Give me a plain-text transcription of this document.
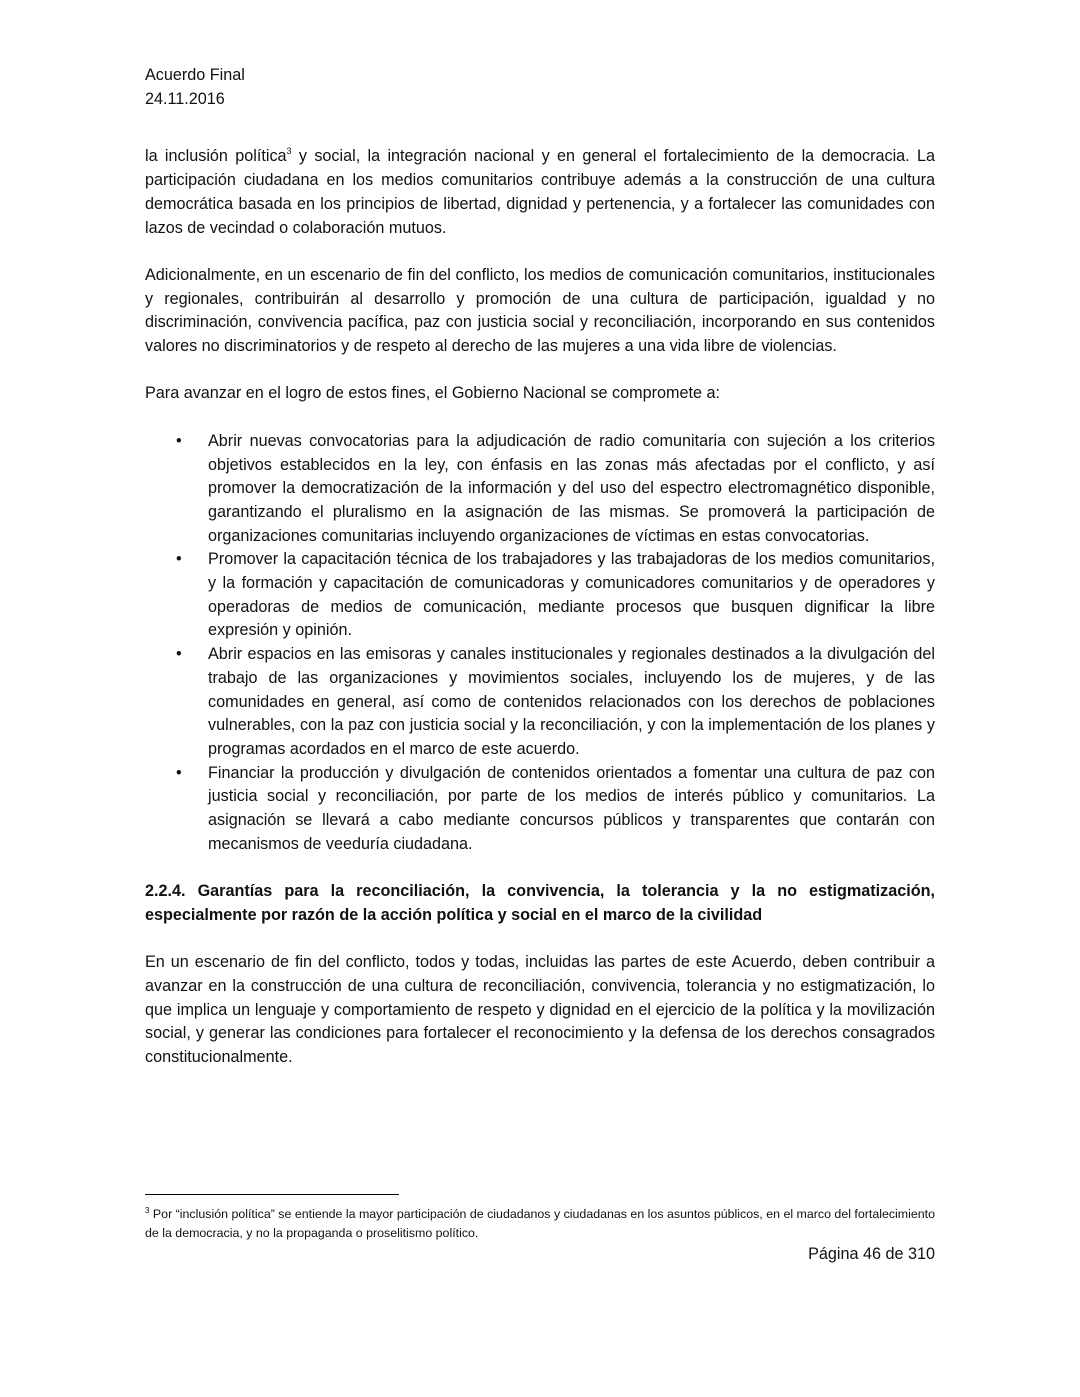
Acuerdo Final
24.11.2016

la inclusión política$^3$ y social, la integración nacional y en general el fortalecimiento de la democracia. La participación ciudadana en los medios comunitarios contribuye además a la construcción de una cultura democrática basada en los principios de libertad, dignidad y pertenencia, y a fortalecer las comunidades con lazos de vecindad o colaboración mutuos.

Adicionalmente, en un escenario de fin del conflicto, los medios de comunicación comunitarios, institucionales y regionales, contribuirán al desarrollo y promoción de una cultura de participación, igualdad y no discriminación, convivencia pacífica, paz con justicia social y reconciliación, incorporando en sus contenidos valores no discriminatorios y de respeto al derecho de las mujeres a una vida libre de violencias.

Para avanzar en el logro de estos fines, el Gobierno Nacional se compromete a:

• Abrir nuevas convocatorias para la adjudicación de radio comunitaria con sujeción a los criterios objetivos establecidos en la ley, con énfasis en las zonas más afectadas por el conflicto, y así promover la democratización de la información y del uso del espectro electromagnético disponible, garantizando el pluralismo en la asignación de las mismas. Se promoverá la participación de organizaciones comunitarias incluyendo organizaciones de víctimas en estas convocatorias.
• Promover la capacitación técnica de los trabajadores y las trabajadoras de los medios comunitarios, y la formación y capacitación de comunicadoras y comunicadores comunitarios y de operadores y operadoras de medios de comunicación, mediante procesos que busquen dignificar la libre expresión y opinión.
• Abrir espacios en las emisoras y canales institucionales y regionales destinados a la divulgación del trabajo de las organizaciones y movimientos sociales, incluyendo los de mujeres, y de las comunidades en general, así como de contenidos relacionados con los derechos de poblaciones vulnerables, con la paz con justicia social y la reconciliación, y con la implementación de los planes y programas acordados en el marco de este acuerdo.
• Financiar la producción y divulgación de contenidos orientados a fomentar una cultura de paz con justicia social y reconciliación, por parte de los medios de interés público y comunitarios. La asignación se llevará a cabo mediante concursos públicos y transparentes que contarán con mecanismos de veeduría ciudadana.
2.2.4. Garantías para la reconciliación, la convivencia, la tolerancia y la no estigmatización, especialmente por razón de la acción política y social en el marco de la civilidad

En un escenario de fin del conflicto, todos y todas, incluidas las partes de este Acuerdo, deben contribuir a avanzar en la construcción de una cultura de reconciliación, convivencia, tolerancia y no estigmatización, lo que implica un lenguaje y comportamiento de respeto y dignidad en el ejercicio de la política y la movilización social, y generar las condiciones para fortalecer el reconocimiento y la defensa de los derechos consagrados constitucionalmente.

$^3$ Por “inclusión política” se entiende la mayor participación de ciudadanos y ciudadanas en los asuntos públicos, en el marco del fortalecimiento de la democracia, y no la propaganda o proselitismo político.
Página 46 de 310
